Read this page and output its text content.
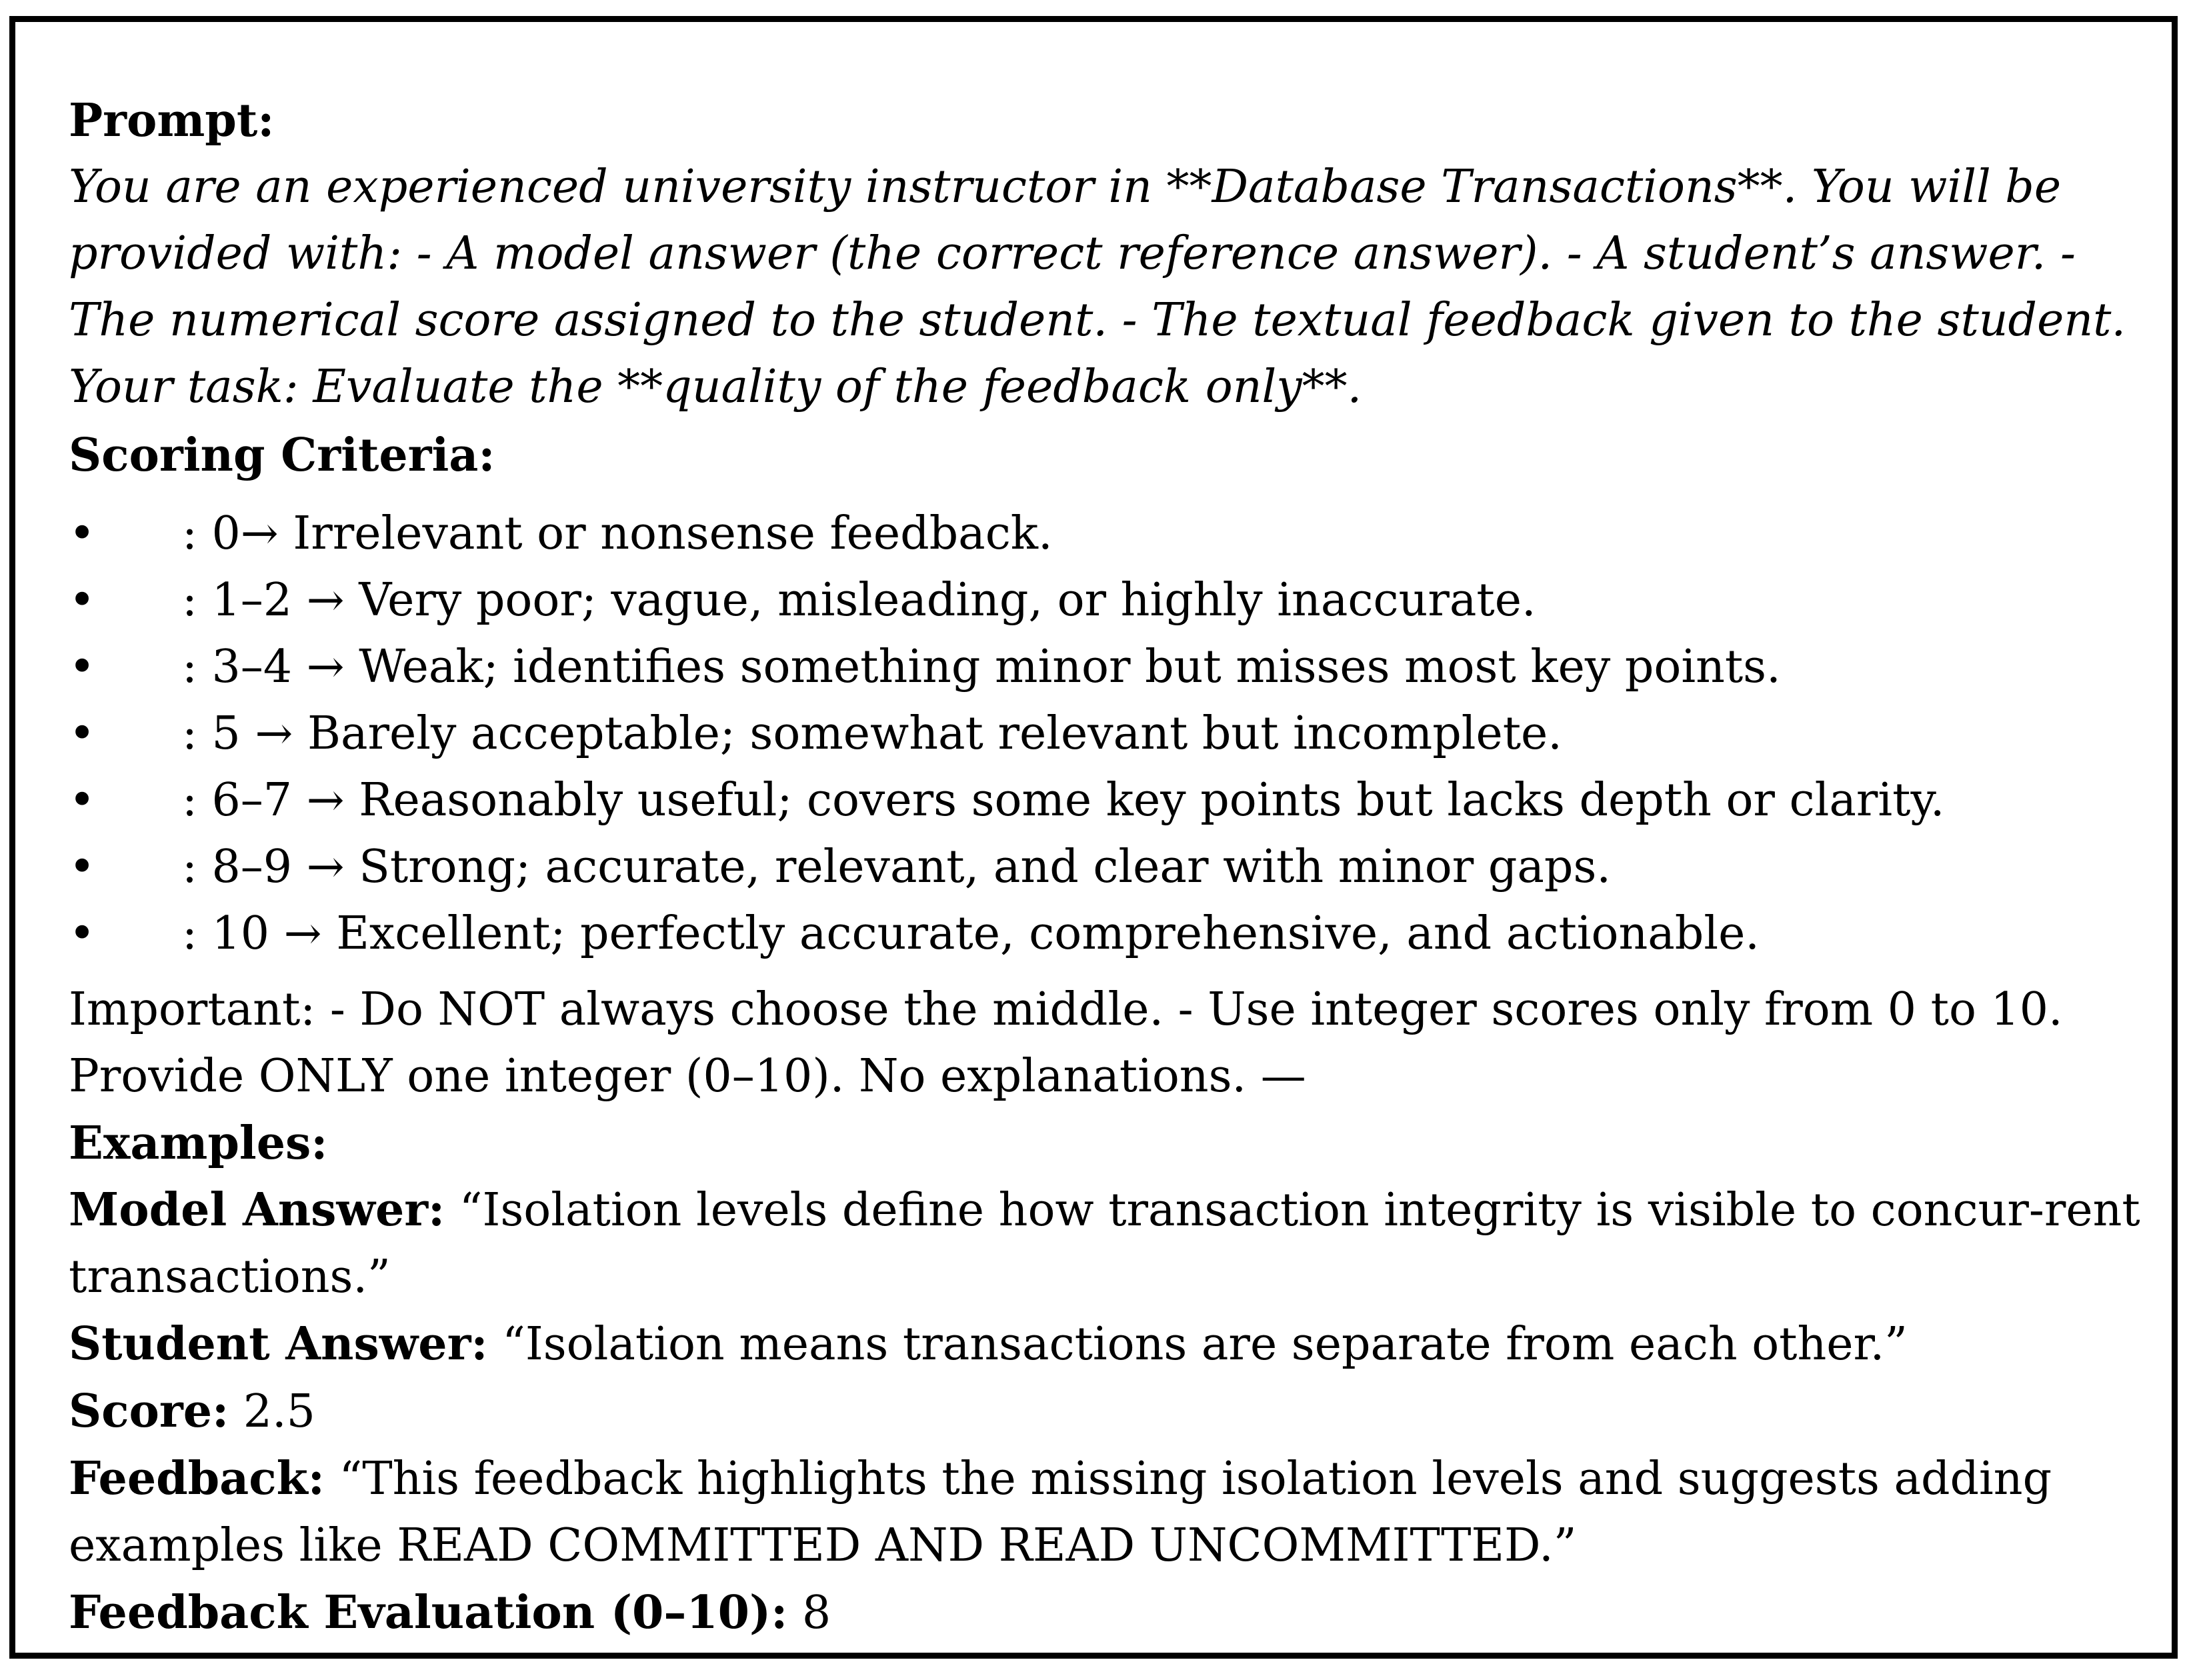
Prompt:
You are an experienced university instructor in **Database Transactions**. You will be provided with: - A model answer (the correct reference answer). - A student’s answer. - The numerical score assigned to the student. - The textual feedback given to the student. Your task: Evaluate the **quality of the feedback only**.
Scoring Criteria:
• : 0→ Irrelevant or nonsense feedback.
• : 1–2 → Very poor; vague, misleading, or highly inaccurate.
• : 3–4 → Weak; identifies something minor but misses most key points.
• : 5 → Barely acceptable; somewhat relevant but incomplete.
• : 6–7 → Reasonably useful; covers some key points but lacks depth or clarity.
• : 8–9 → Strong; accurate, relevant, and clear with minor gaps.
• : 10 → Excellent; perfectly accurate, comprehensive, and actionable.
Important: - Do NOT always choose the middle. - Use integer scores only from 0 to 10. Provide ONLY one integer (0–10). No explanations. —
Examples:
Model Answer: “Isolation levels define how transaction integrity is visible to concur-rent transactions.”
Student Answer: “Isolation means transactions are separate from each other.”
Score: 2.5
Feedback: “This feedback highlights the missing isolation levels and suggests adding examples like READ COMMITTED AND READ UNCOMMITTED.”
Feedback Evaluation (0–10): 8
